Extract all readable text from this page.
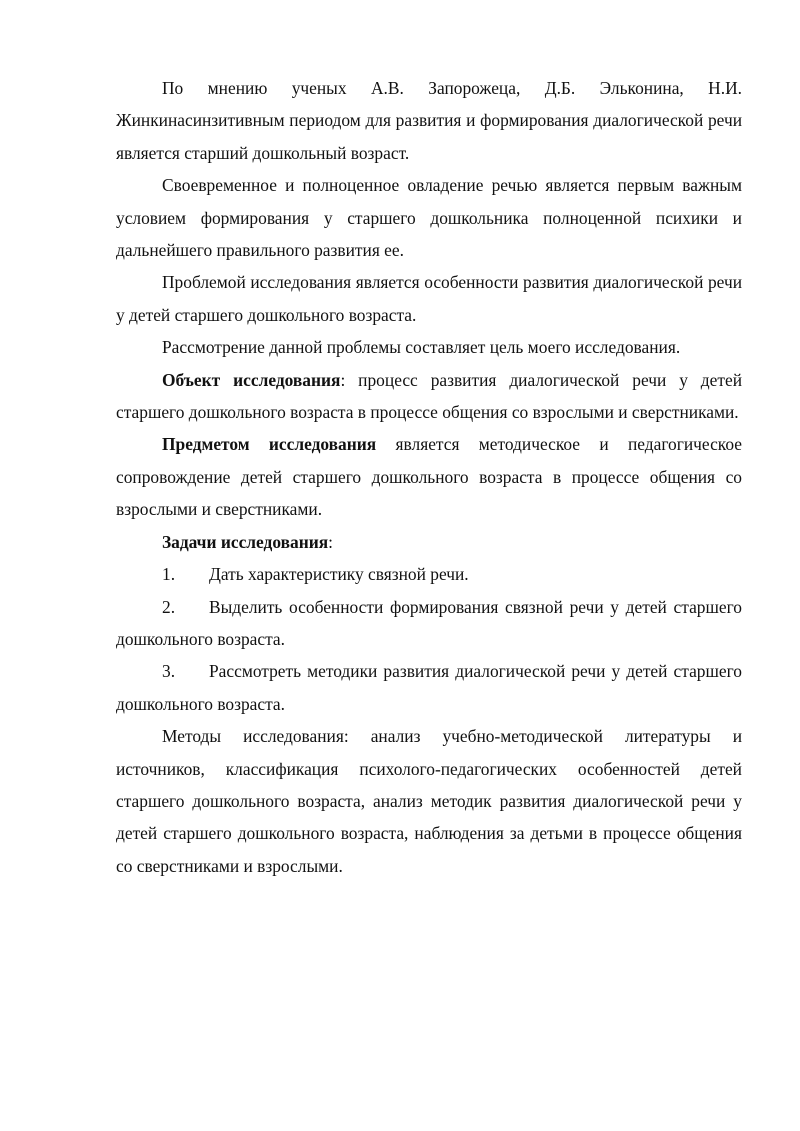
По мнению ученых А.В. Запорожеца, Д.Б. Эльконина, Н.И. Жинкинасинзитивным периодом для развития и формирования диалогической речи является старший дошкольный возраст.

Своевременное и полноценное овладение речью является первым важным условием формирования у старшего дошкольника полноценной психики и дальнейшего правильного развития ее.

Проблемой исследования является особенности развития диалогической речи у детей старшего дошкольного возраста.

Рассмотрение данной проблемы составляет цель моего исследования.

Объект исследования: процесс развития диалогической речи у детей старшего дошкольного возраста в процессе общения со взрослыми и сверстниками.

Предметом исследования является методическое и педагогическое сопровождение детей старшего дошкольного возраста в процессе общения со взрослыми и сверстниками.

Задачи исследования:

1. Дать характеристику связной речи.

2. Выделить особенности формирования связной речи у детей старшего дошкольного возраста.

3. Рассмотреть методики развития диалогической речи у детей старшего дошкольного возраста.

Методы исследования: анализ учебно-методической литературы и источников, классификация психолого-педагогических особенностей детей старшего дошкольного возраста, анализ методик развития диалогической речи у детей старшего дошкольного возраста, наблюдения за детьми в процессе общения со сверстниками и взрослыми.
